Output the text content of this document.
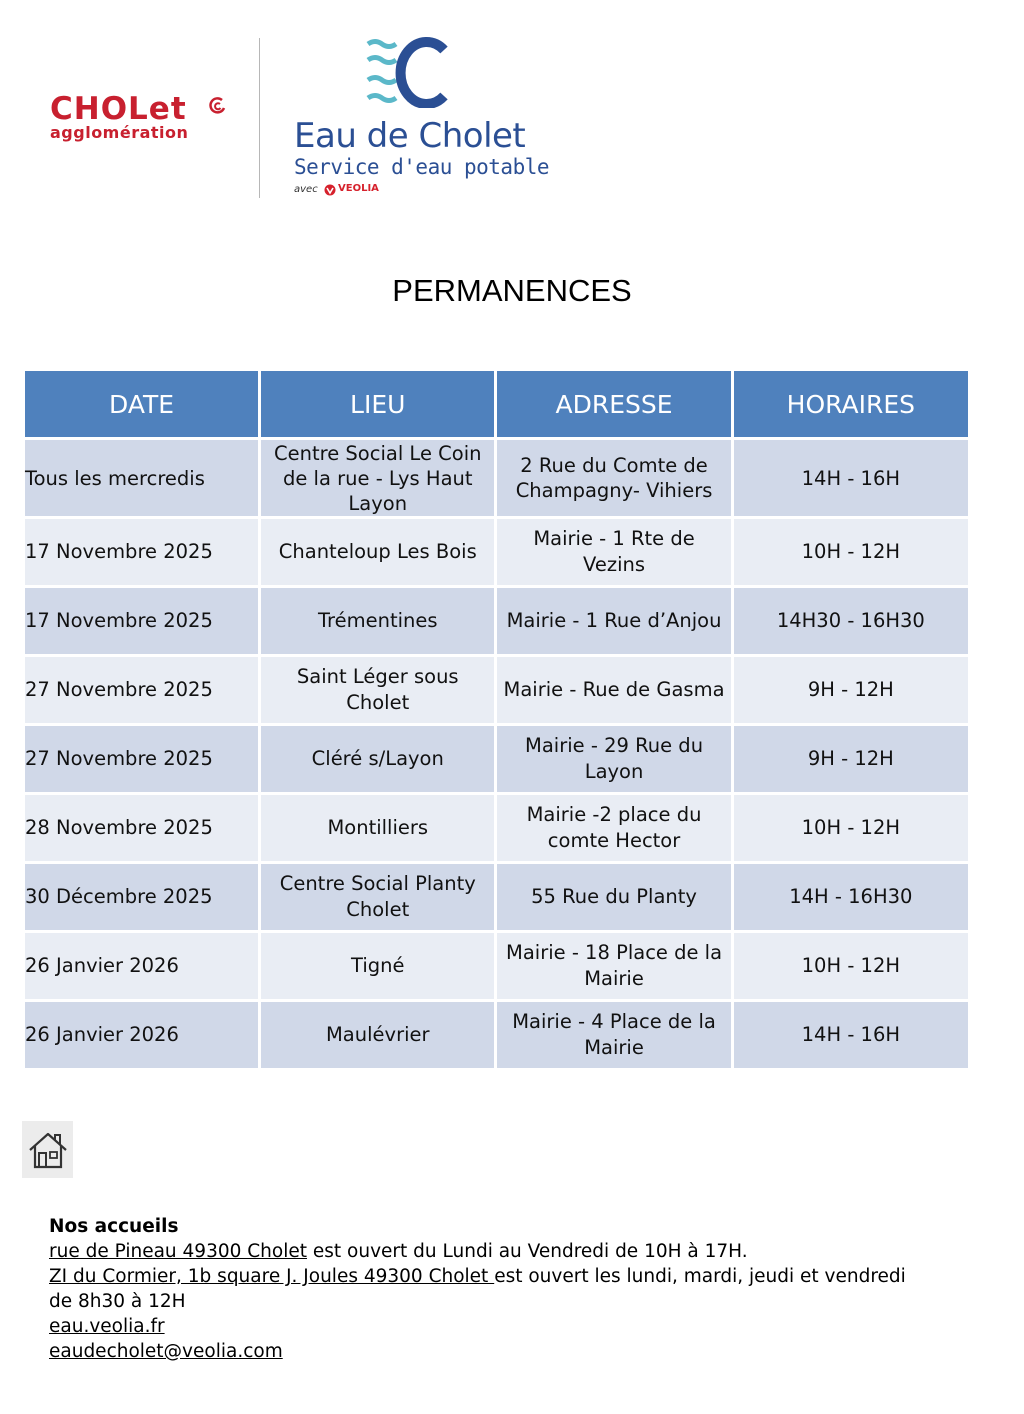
CHOLet
agglomération	Eau de Cholet
Service d'eau potable
avec VEOLIA
PERMANENCES
DATE	LIEU	ADRESSE	HORAIRES
Tous les mercredis	Centre Social Le Coin de la rue - Lys Haut Layon	2 Rue du Comte de Champagny- Vihiers	14H - 16H
17 Novembre 2025	Chanteloup Les Bois	Mairie - 1 Rte de Vezins	10H - 12H
17 Novembre 2025	Trémentines	Mairie - 1 Rue d’Anjou	14H30 - 16H30
27 Novembre 2025	Saint Léger sous Cholet	Mairie - Rue de Gasma	9H - 12H
27 Novembre 2025	Cléré s/Layon	Mairie - 29 Rue du Layon	9H - 12H
28 Novembre 2025	Montilliers	Mairie -2 place du comte Hector	10H - 12H
30 Décembre 2025	Centre Social Planty Cholet	55 Rue du Planty	14H - 16H30
26 Janvier 2026	Tigné	Mairie - 18 Place de la Mairie	10H - 12H
26 Janvier 2026	Maulévrier	Mairie - 4 Place de la Mairie	14H - 16H
Nos accueils
rue de Pineau 49300 Cholet est ouvert du Lundi au Vendredi de 10H à 17H.
ZI du Cormier, 1b square J. Joules 49300 Cholet est ouvert les lundi, mardi, jeudi et vendredi de 8h30 à 12H
eau.veolia.fr
eaudecholet@veolia.com
